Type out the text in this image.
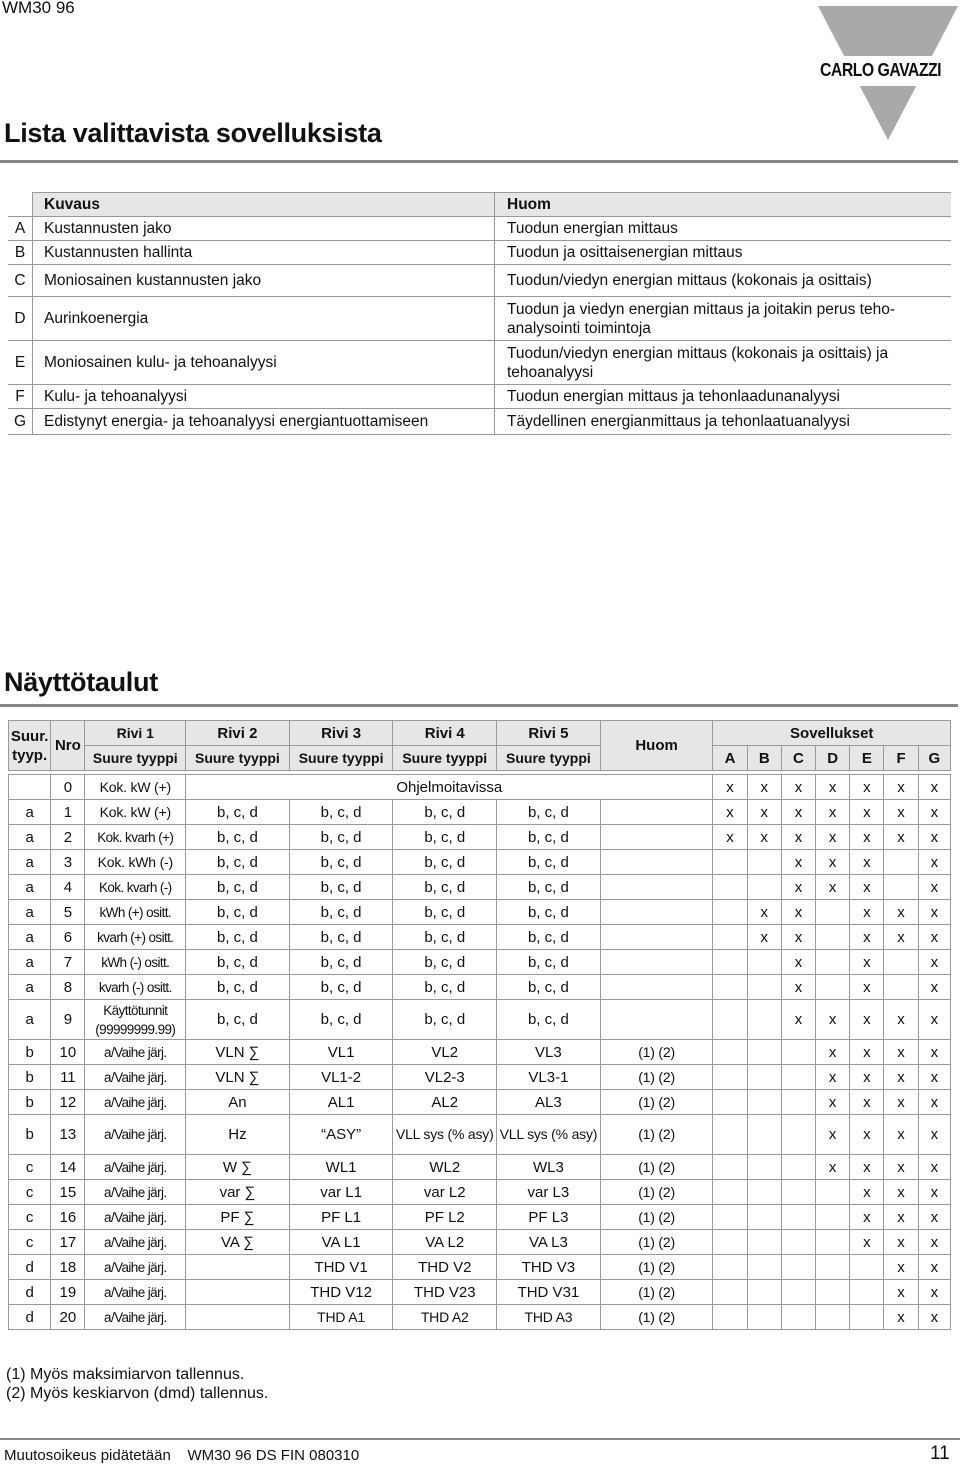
WM30 96
CARLO GAVAZZI
Lista valittavista sovelluksista
	Kuvaus	Huom
A	Kustannusten jako	Tuodun energian mittaus
B	Kustannusten hallinta	Tuodun ja osittaisenergian mittaus
C	Moniosainen kustannusten jako	Tuodun/viedyn energian mittaus (kokonais ja osittais)
D	Aurinkoenergia	Tuodun ja viedyn energian mittaus ja joitakin perus teho-analysointi toimintoja
E	Moniosainen kulu- ja tehoanalyysi	Tuodun/viedyn energian mittaus (kokonais ja osittais) ja tehoanalyysi
F	Kulu- ja tehoanalyysi	Tuodun energian mittaus ja tehonlaadunanalyysi
G	Edistynyt energia- ja tehoanalyysi energiantuottamiseen	Täydellinen energianmittaus ja tehonlaatuanalyysi
Näyttötaulut
Suur. tyyp.	Nro	Rivi 1	Rivi 2	Rivi 3	Rivi 4	Rivi 5	Huom	Sovellukset						
		Suure tyyppi	Suure tyyppi	Suure tyyppi	Suure tyyppi	Suure tyyppi		A	B	C	D	E	F	G

	0	Kok. kW (+)	Ohjelmoitavissa					x	x	x	x	x	x	x
a	1	Kok. kW (+)	b, c, d	b, c, d	b, c, d	b, c, d		x	x	x	x	x	x	x
a	2	Kok. kvarh (+)	b, c, d	b, c, d	b, c, d	b, c, d		x	x	x	x	x	x	x
a	3	Kok. kWh (-)	b, c, d	b, c, d	b, c, d	b, c, d				x	x	x		x
a	4	Kok. kvarh (-)	b, c, d	b, c, d	b, c, d	b, c, d				x	x	x		x
a	5	kWh (+) ositt.	b, c, d	b, c, d	b, c, d	b, c, d			x	x		x	x	x
a	6	kvarh (+) ositt.	b, c, d	b, c, d	b, c, d	b, c, d			x	x		x	x	x
a	7	kWh (-) ositt.	b, c, d	b, c, d	b, c, d	b, c, d				x		x		x
a	8	kvarh (-) ositt.	b, c, d	b, c, d	b, c, d	b, c, d				x		x		x
a	9	Käyttötunnit (99999999.99)	b, c, d	b, c, d	b, c, d	b, c, d				x	x	x	x	x
b	10	a/Vaihe järj.	VLN ∑	VL1	VL2	VL3	(1) (2)				x	x	x	x
b	11	a/Vaihe järj.	VLN ∑	VL1-2	VL2-3	VL3-1	(1) (2)				x	x	x	x
b	12	a/Vaihe järj.	An	AL1	AL2	AL3	(1) (2)				x	x	x	x
b	13	a/Vaihe järj.	Hz	“ASY”	VLL sys (% asy)	VLL sys (% asy)	(1) (2)				x	x	x	x
c	14	a/Vaihe järj.	W ∑	WL1	WL2	WL3	(1) (2)				x	x	x	x
c	15	a/Vaihe järj.	var ∑	var L1	var L2	var L3	(1) (2)					x	x	x
c	16	a/Vaihe järj.	PF ∑	PF L1	PF L2	PF L3	(1) (2)					x	x	x
c	17	a/Vaihe järj.	VA ∑	VA L1	VA L2	VA L3	(1) (2)					x	x	x
d	18	a/Vaihe järj.		THD V1	THD V2	THD V3	(1) (2)						x	x
d	19	a/Vaihe järj.		THD V12	THD V23	THD V31	(1) (2)						x	x
d	20	a/Vaihe järj.		THD A1	THD A2	THD A3	(1) (2)						x	x
(1) Myös maksimiarvon tallennus.
(2) Myös keskiarvon (dmd) tallennus.
Muutosoikeus pidätetään    WM30 96 DS FIN 080310	11
